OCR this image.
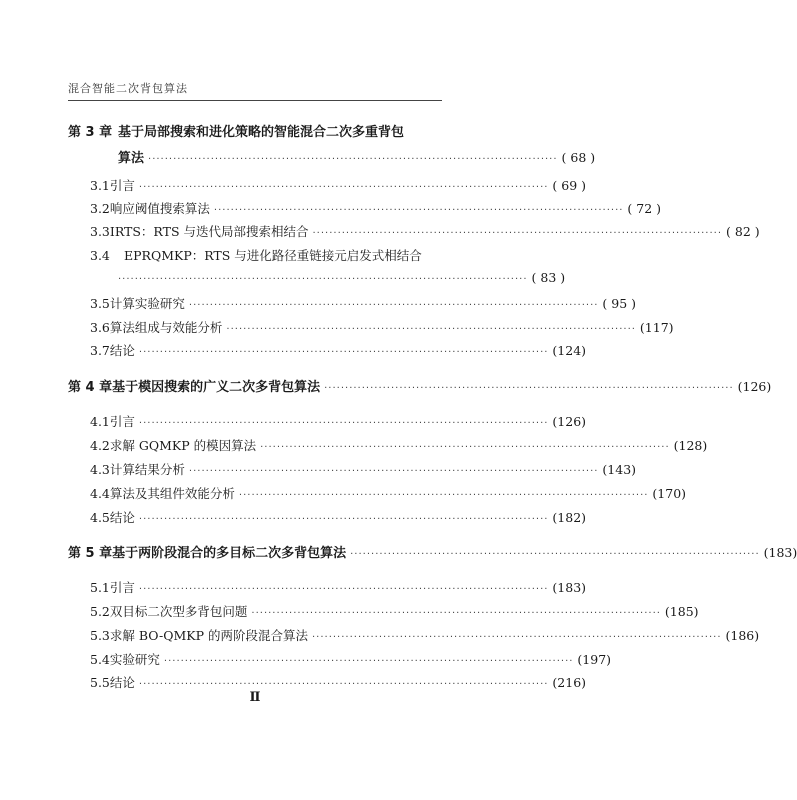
混合智能二次背包算法
第 3 章 基于局部搜索和进化策略的智能混合二次多重背包
算法 ·································································································· ( 68 )
3.1 引言 ·································································································· ( 69 )
3.2 响应阈值搜索算法 ·································································································· ( 72 )
3.3 IRTS：RTS 与迭代局部搜索相结合 ·································································································· ( 82 )
3.4	EPRQMKP：RTS 与进化路径重链接元启发式相结合
·································································································· ( 83 )
3.5 计算实验研究 ·································································································· ( 95 )
3.6 算法组成与效能分析 ·································································································· (117)
3.7 结论 ·································································································· (124)
第 4 章 基于模因搜索的广义二次多背包算法 ·································································································· (126)
4.1 引言 ·································································································· (126)
4.2 求解 GQMKP 的模因算法 ·································································································· (128)
4.3 计算结果分析 ·································································································· (143)
4.4 算法及其组件效能分析 ·································································································· (170)
4.5 结论 ·································································································· (182)
第 5 章 基于两阶段混合的多目标二次多背包算法 ·································································································· (183)
5.1 引言 ·································································································· (183)
5.2 双目标二次型多背包问题 ·································································································· (185)
5.3 求解 BO-QMKP 的两阶段混合算法 ·································································································· (186)
5.4 实验研究 ·································································································· (197)
5.5 结论 ·································································································· (216)
Ⅱ
